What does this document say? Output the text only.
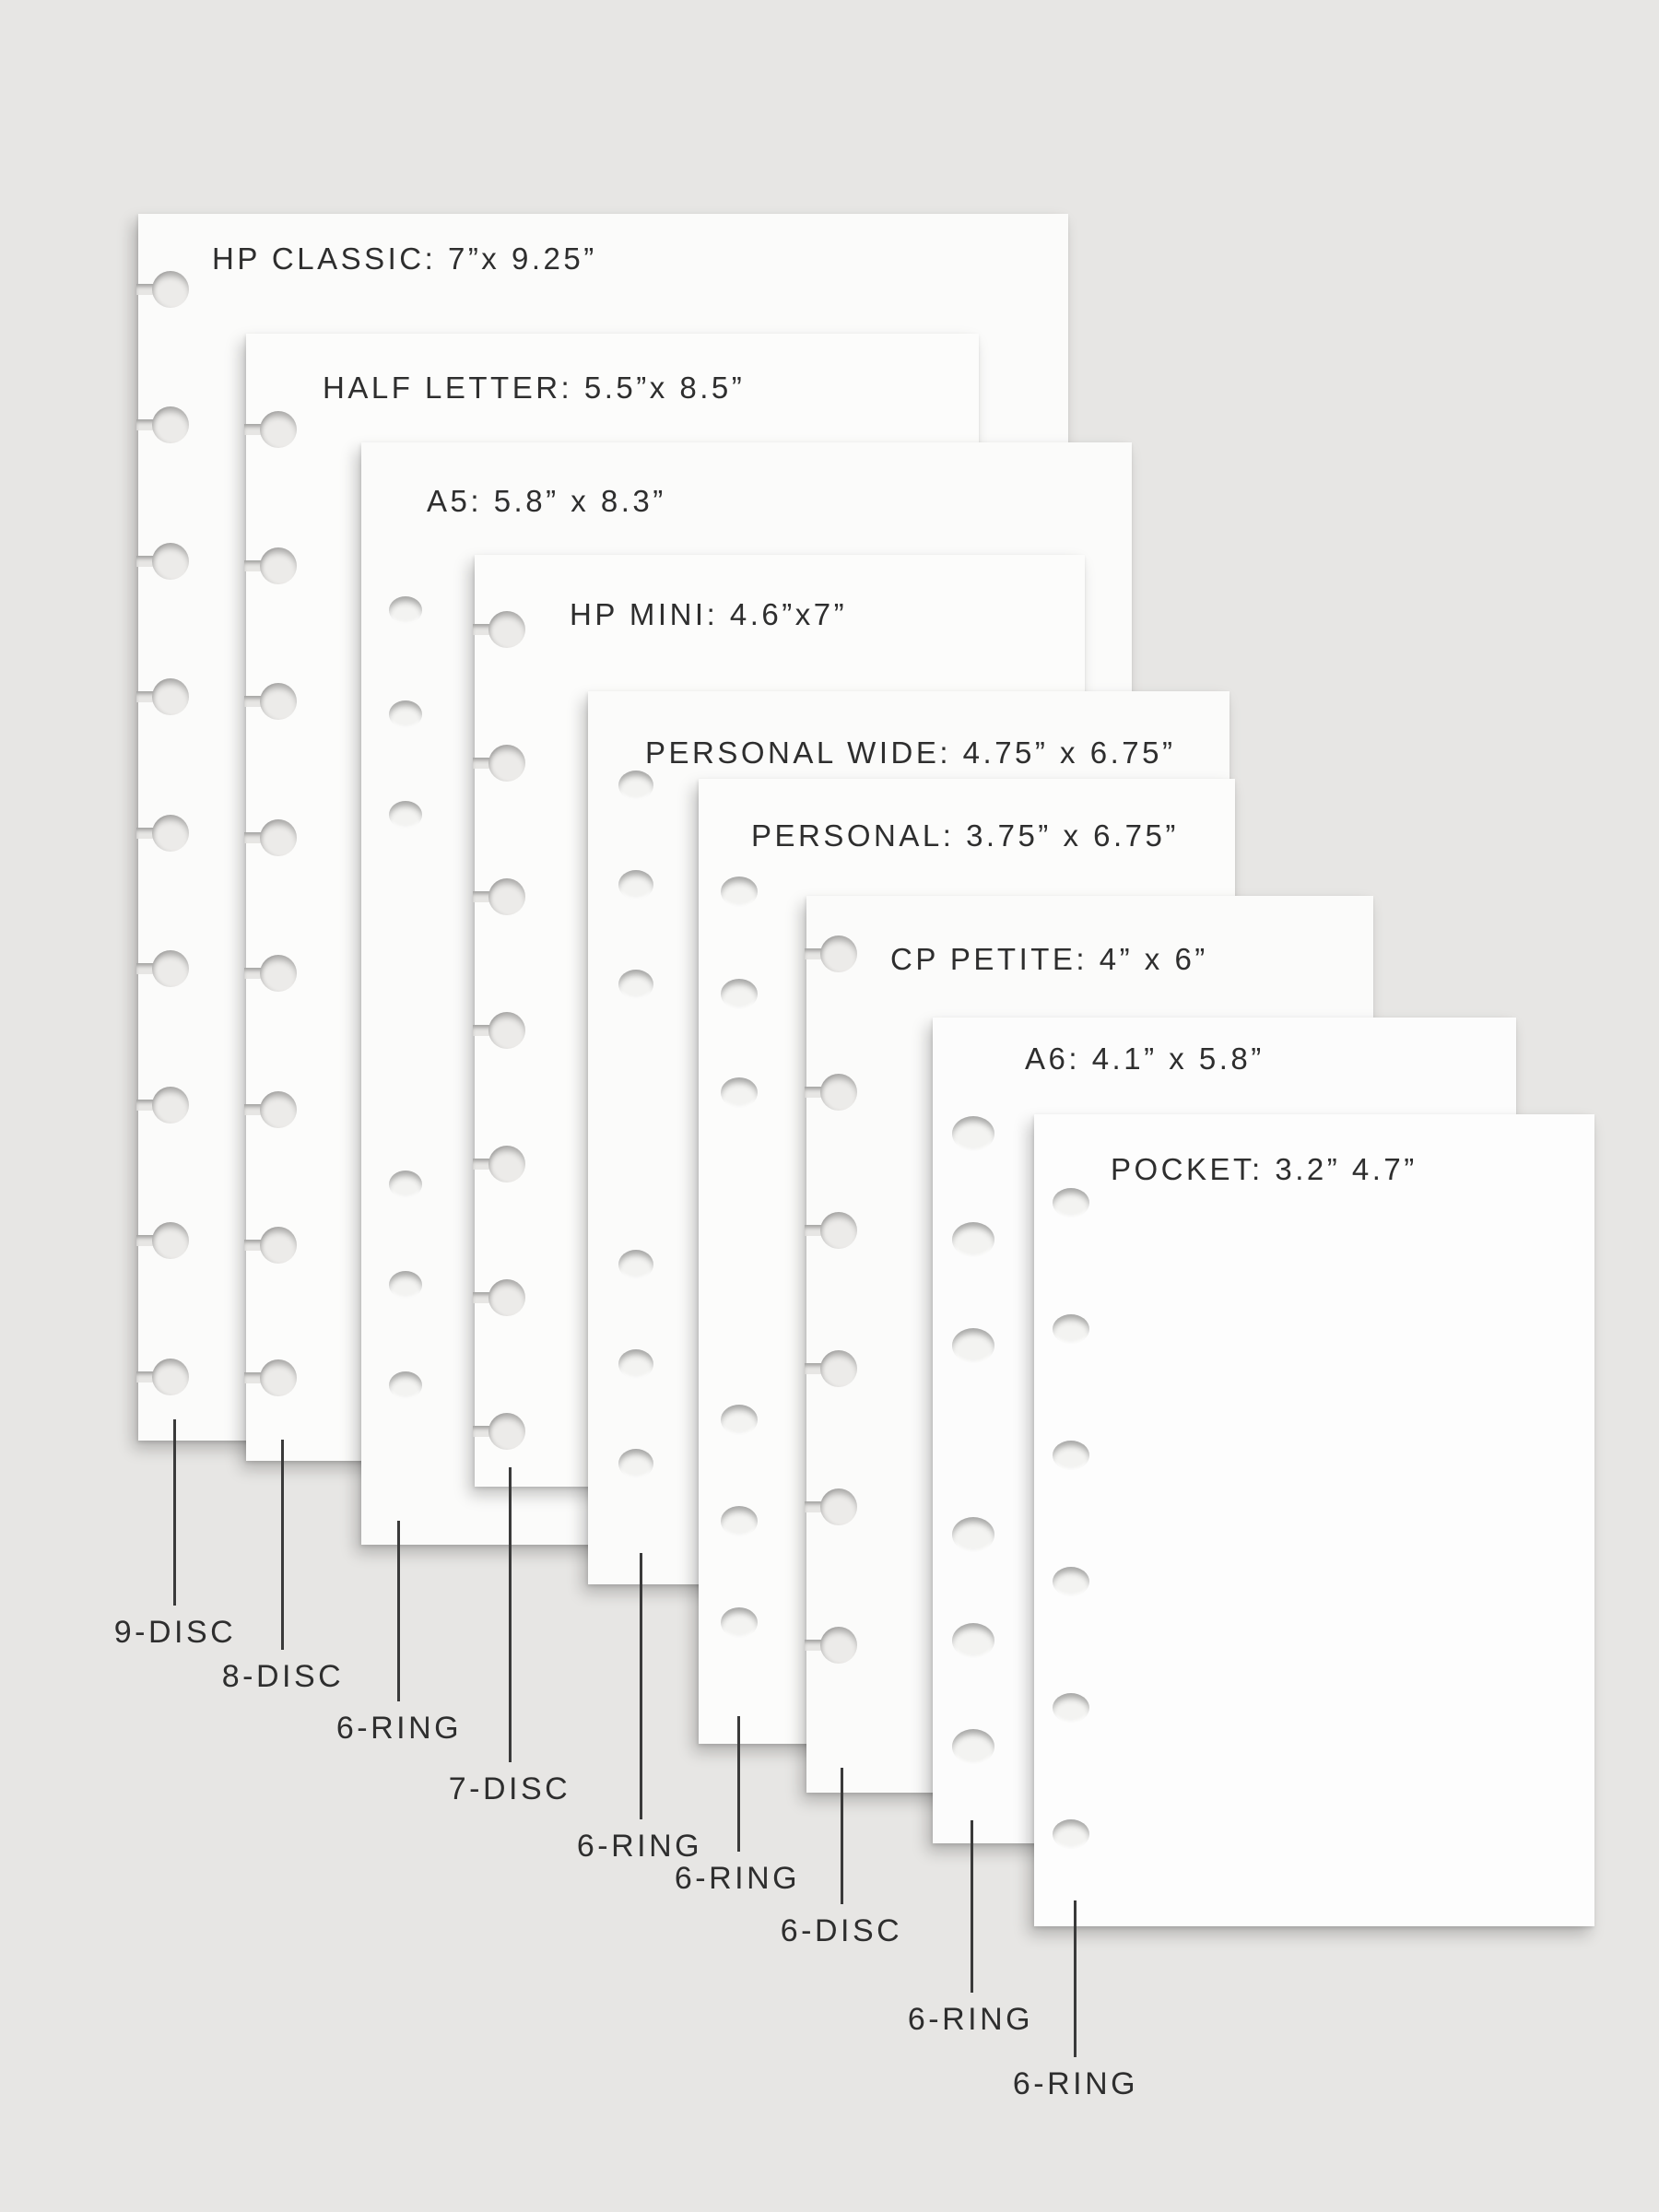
HP CLASSIC: 7”x 9.25”
HALF LETTER: 5.5”x 8.5”
A5: 5.8” x 8.3”
HP MINI: 4.6”x7”
PERSONAL WIDE: 4.75” x 6.75”
PERSONAL: 3.75” x 6.75”
CP PETITE: 4” x 6”
A6: 4.1” x 5.8”
POCKET: 3.2” 4.7”
9-DISC
8-DISC
6-RING
7-DISC
6-RING
6-RING
6-DISC
6-RING
6-RING
